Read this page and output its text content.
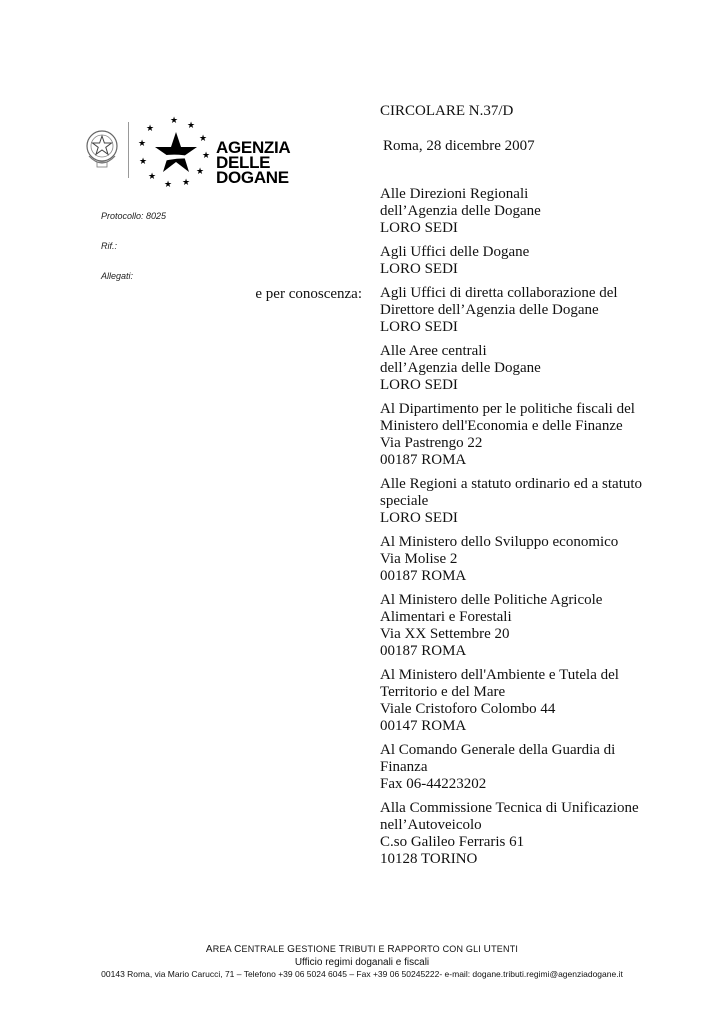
★ ★
★
★
★
★
★
★
★
★
★
AGENZIA
DELLE
DOGANE
Protocollo: 8025
Rif.:
Allegati:
CIRCOLARE N.37/D
Roma, 28 dicembre 2007
e per conoscenza:
Alle Direzioni Regionali
dell’Agenzia delle Dogane
LORO SEDI
Agli Uffici delle Dogane
LORO SEDI
Agli Uffici di diretta collaborazione del
Direttore dell’Agenzia delle Dogane
LORO SEDI
Alle Aree centrali
dell’Agenzia delle Dogane
LORO SEDI
Al Dipartimento per le politiche fiscali del
Ministero dell'Economia e delle Finanze
Via Pastrengo 22
00187 ROMA
Alle Regioni a statuto ordinario ed a statuto
speciale
LORO SEDI
Al Ministero dello Sviluppo economico
Via Molise 2
00187 ROMA
Al Ministero delle Politiche Agricole
Alimentari e Forestali
Via XX Settembre 20
00187 ROMA
Al Ministero dell'Ambiente e Tutela del
Territorio e del Mare
Viale Cristoforo Colombo 44
00147 ROMA
Al Comando Generale della Guardia di
Finanza
Fax 06-44223202
Alla Commissione Tecnica di Unificazione
nell’Autoveicolo
C.so Galileo Ferraris 61
10128 TORINO
AREA CENTRALE GESTIONE TRIBUTI E RAPPORTO CON GLI UTENTI
Ufficio regimi doganali e fiscali
00143 Roma, via Mario Carucci, 71 – Telefono +39 06 5024 6045 – Fax +39 06 50245222- e-mail: dogane.tributi.regimi@agenziadogane.it
